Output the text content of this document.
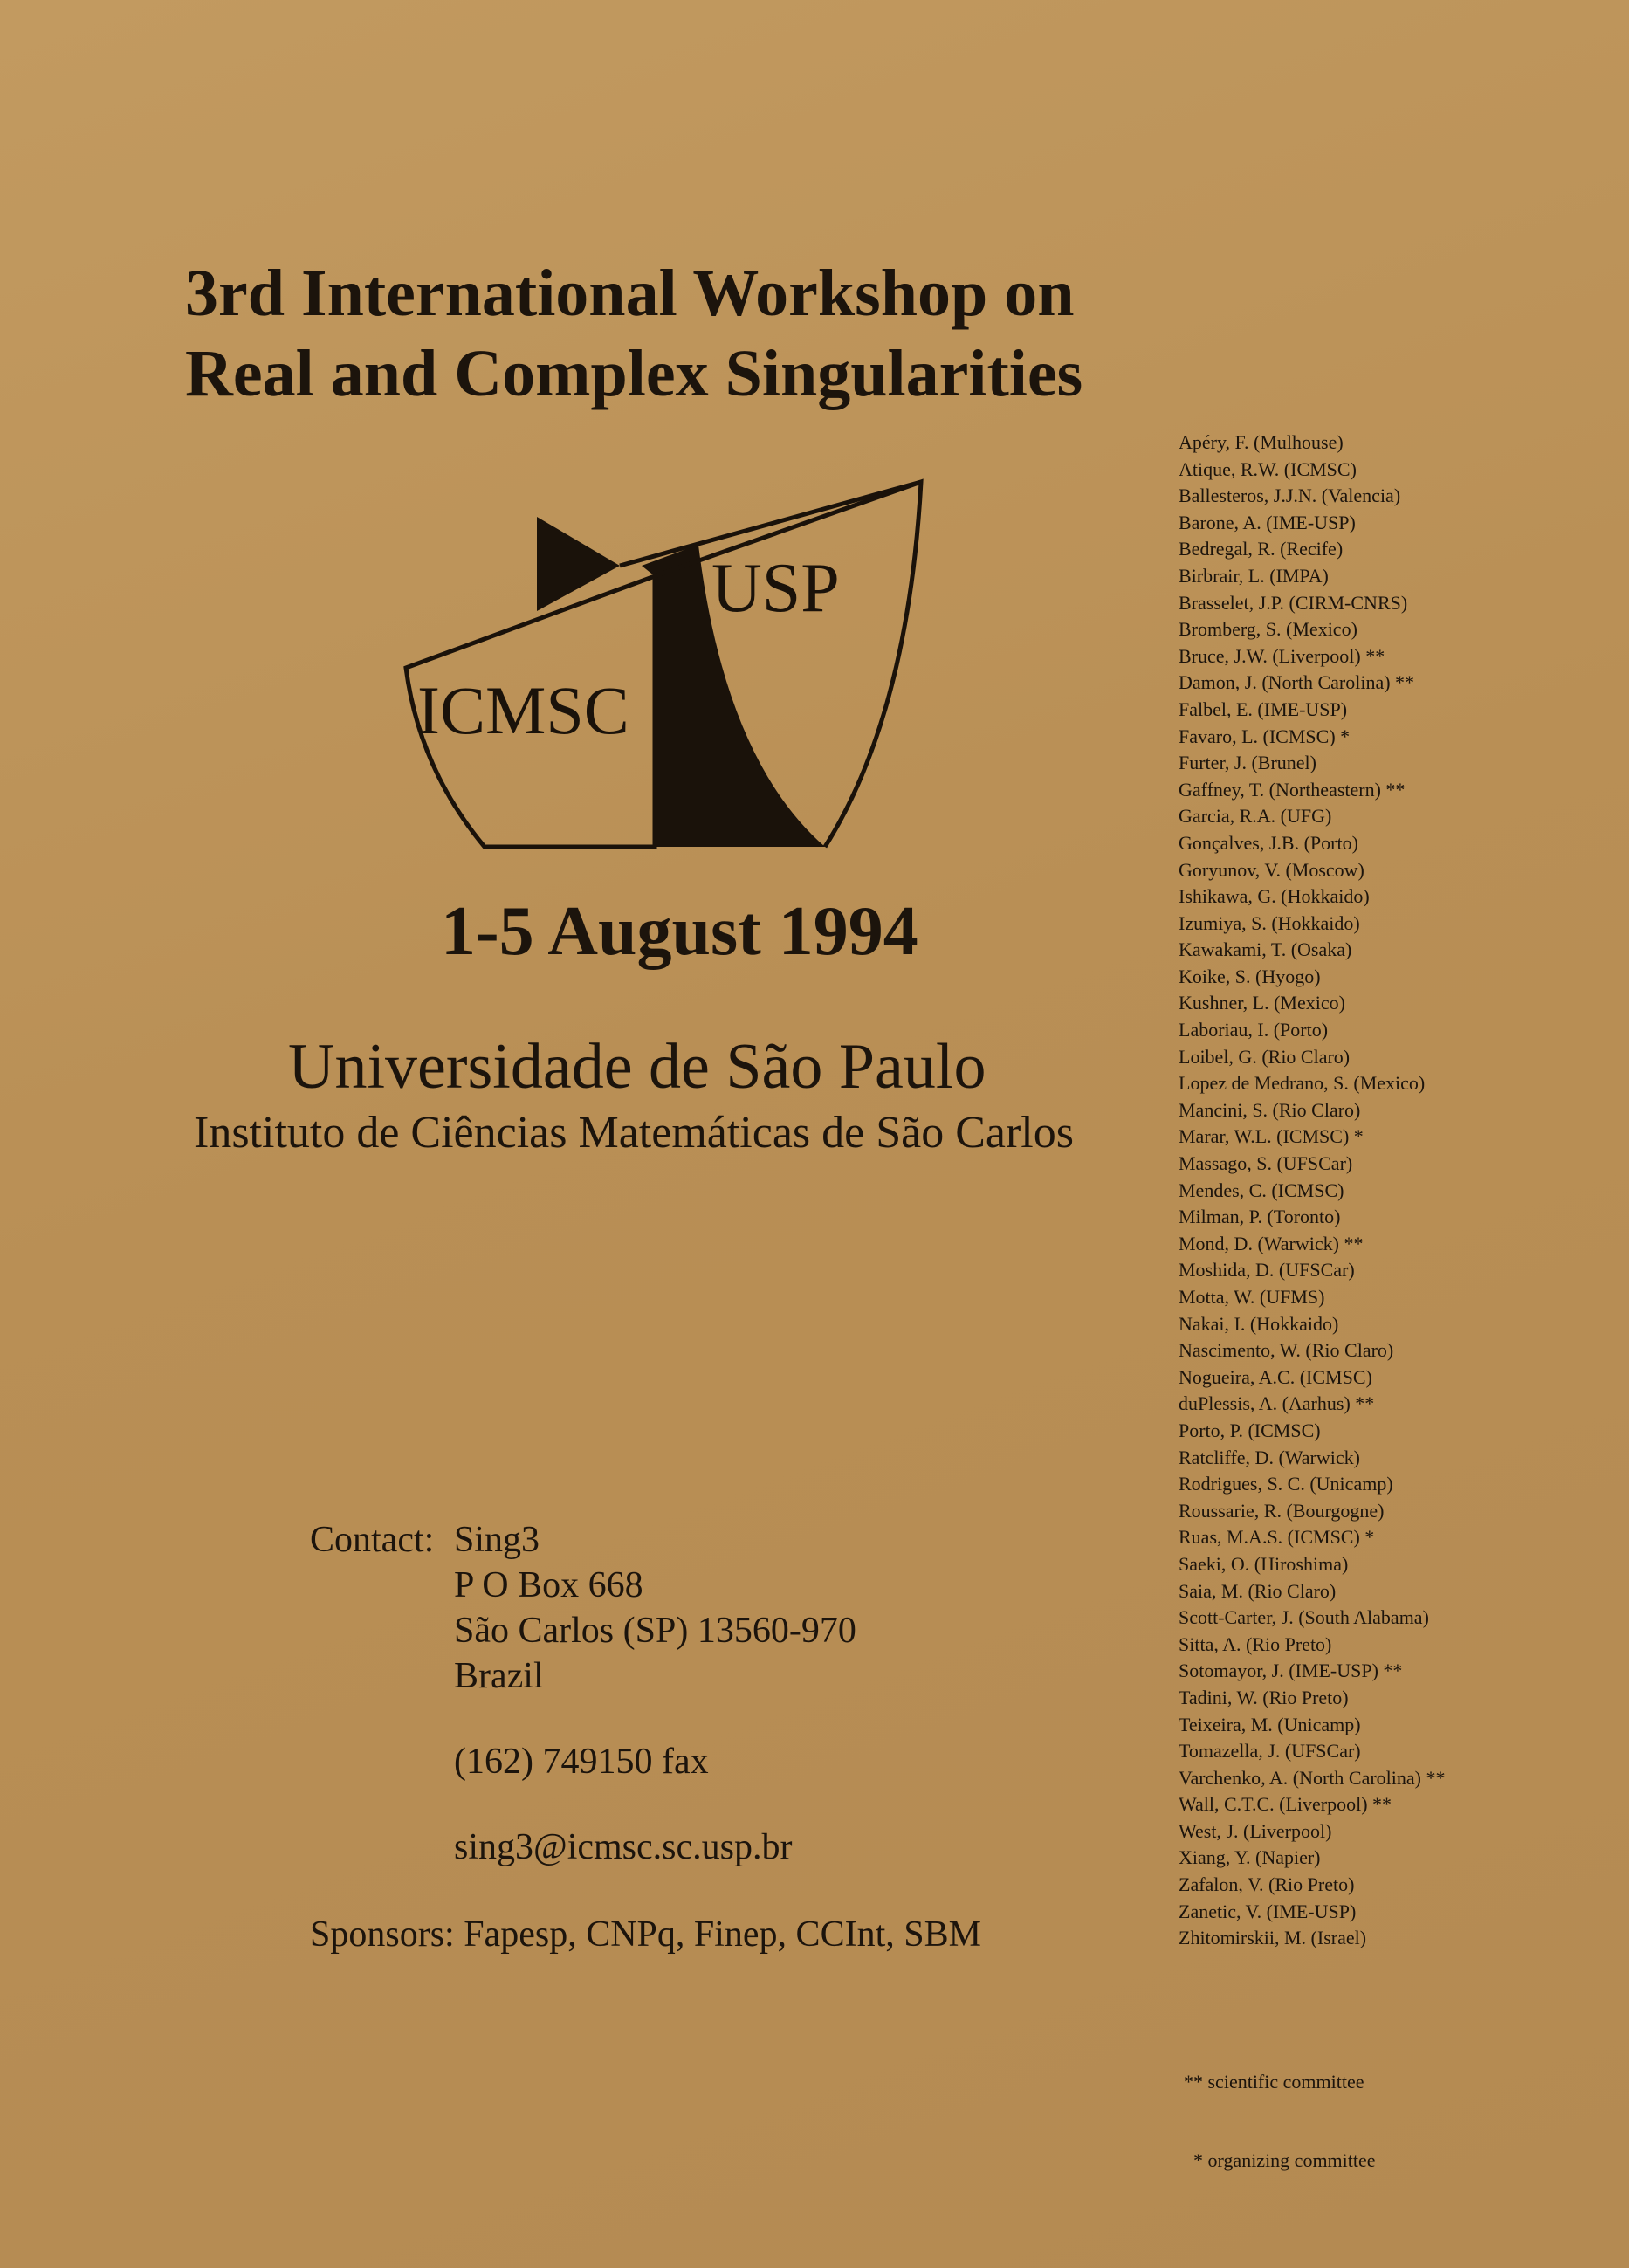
3rd International Workshop on
Real and Complex Singularities
ICMSC
USP
1-5 August 1994
Universidade de São Paulo
Instituto de Ciências Matemáticas de São Carlos
Contact: Sing3
P O Box 668
São Carlos (SP) 13560-970
Brazil
(162) 749150 fax
sing3@icmsc.sc.usp.br
Sponsors: Fapesp, CNPq, Finep, CCInt, SBM
Apéry, F. (Mulhouse)
Atique, R.W. (ICMSC)
Ballesteros, J.J.N. (Valencia)
Barone, A. (IME-USP)
Bedregal, R. (Recife)
Birbrair, L. (IMPA)
Brasselet, J.P. (CIRM-CNRS)
Bromberg, S. (Mexico)
Bruce, J.W. (Liverpool) **
Damon, J. (North Carolina) **
Falbel, E. (IME-USP)
Favaro, L. (ICMSC) *
Furter, J. (Brunel)
Gaffney, T. (Northeastern) **
Garcia, R.A. (UFG)
Gonçalves, J.B. (Porto)
Goryunov, V. (Moscow)
Ishikawa, G. (Hokkaido)
Izumiya, S. (Hokkaido)
Kawakami, T. (Osaka)
Koike, S. (Hyogo)
Kushner, L. (Mexico)
Laboriau, I. (Porto)
Loibel, G. (Rio Claro)
Lopez de Medrano, S. (Mexico)
Mancini, S. (Rio Claro)
Marar, W.L. (ICMSC) *
Massago, S. (UFSCar)
Mendes, C. (ICMSC)
Milman, P. (Toronto)
Mond, D. (Warwick) **
Moshida, D. (UFSCar)
Motta, W. (UFMS)
Nakai, I. (Hokkaido)
Nascimento, W. (Rio Claro)
Nogueira, A.C. (ICMSC)
duPlessis, A. (Aarhus) **
Porto, P. (ICMSC)
Ratcliffe, D. (Warwick)
Rodrigues, S. C. (Unicamp)
Roussarie, R. (Bourgogne)
Ruas, M.A.S. (ICMSC) *
Saeki, O. (Hiroshima)
Saia, M. (Rio Claro)
Scott-Carter, J. (South Alabama)
Sitta, A. (Rio Preto)
Sotomayor, J. (IME-USP) **
Tadini, W. (Rio Preto)
Teixeira, M. (Unicamp)
Tomazella, J. (UFSCar)
Varchenko, A. (North Carolina) **
Wall, C.T.C. (Liverpool) **
West, J. (Liverpool)
Xiang, Y. (Napier)
Zafalon, V. (Rio Preto)
Zanetic, V. (IME-USP)
Zhitomirskii, M. (Israel)

** scientific committee

* organizing committee
